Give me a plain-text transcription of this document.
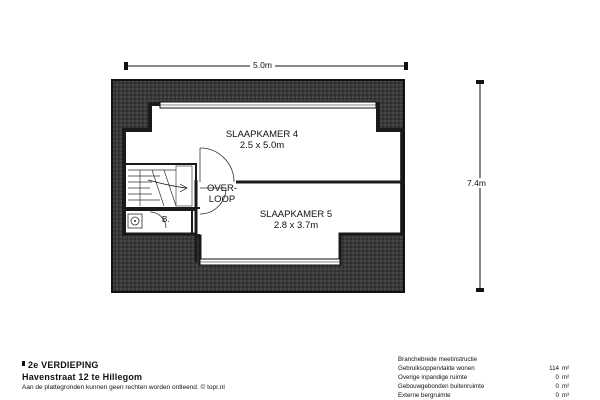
5.0m
7.4m
SLAAPKAMER 4
2.5 x 5.0m

OVER-
LOOP

SLAAPKAMER 5
2.8 x 3.7m
B.
2e VERDIEPING
Havenstraat 12 te Hillegom
Aan de plattegronden kunnen geen rechten worden ontleend. © topr.nl
Branchebrede meetinstructie
Gebruiksoppervlakte wonen	114 m²
Overige inpandige ruimte	0 m²
Gebouwgebonden buitenruimte	0 m²
Externe bergruimte	0 m³
